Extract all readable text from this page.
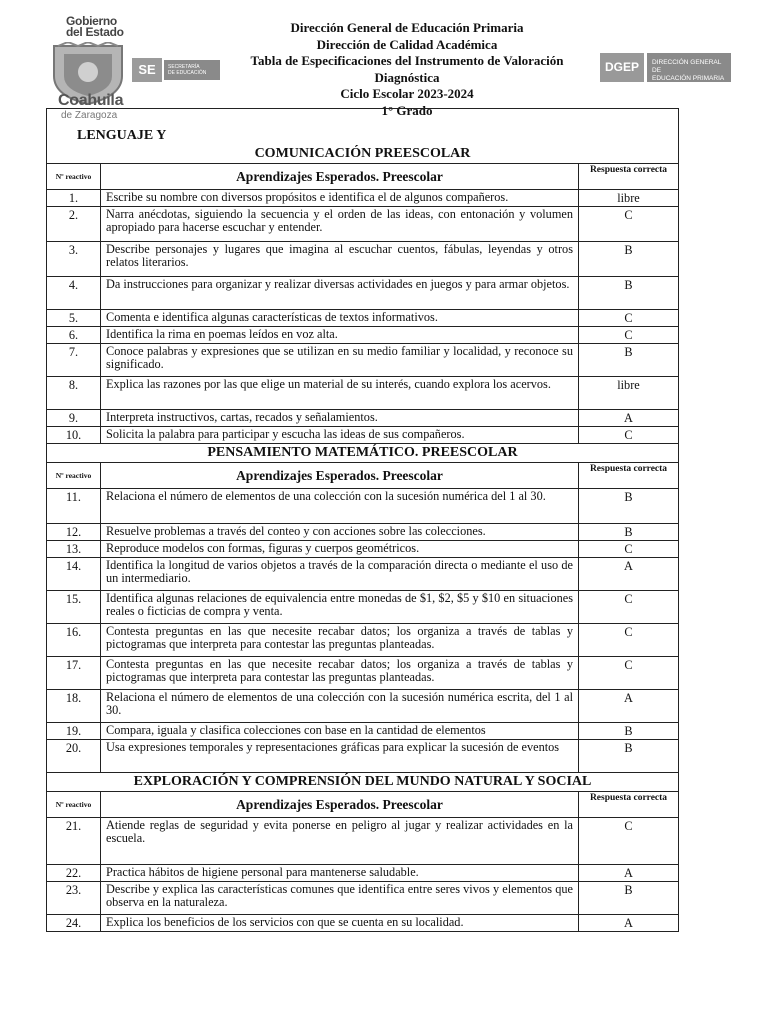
Gobierno
del Estado
SE	SECRETARÍA
DE EDUCACIÓN
Coahuila
de Zaragoza
Dirección General de Educación Primaria
Dirección de Calidad Académica
Tabla de Especificaciones del Instrumento de Valoración
Diagnóstica
Ciclo Escolar 2023-2024
1° Grado
DGEP	DIRECCIÓN GENERAL DE
EDUCACIÓN PRIMARIA
LENGUAJE Y
COMUNICACIÓN PREESCOLAR		

Nº reactivo	Aprendizajes Esperados. Preescolar	Respuesta correcta
1.	Escribe su nombre con diversos propósitos e identifica el de algunos compañeros.	libre
2.	Narra anécdotas, siguiendo la secuencia y el orden de las ideas, con entonación y volumen apropiado para hacerse escuchar y entender.	C
3.	Describe personajes y lugares que imagina al escuchar cuentos, fábulas, leyendas y otros relatos literarios.	B
4.	Da instrucciones para organizar y realizar diversas actividades en juegos y para armar objetos.	B
5.	Comenta e identifica algunas características de textos informativos.	C
6.	Identifica la rima en poemas leídos en voz alta.	C
7.	Conoce palabras y expresiones que se utilizan en su medio familiar y localidad, y reconoce su significado.	B
8.	Explica las razones por las que elige un material de su interés, cuando explora los acervos.	libre
9.	Interpreta instructivos, cartas, recados y señalamientos.	A
10.	Solicita la palabra para participar y escucha las ideas de sus compañeros.	C
PENSAMIENTO MATEMÁTICO. PREESCOLAR		
Nº reactivo	Aprendizajes Esperados. Preescolar	Respuesta correcta
11.	Relaciona el número de elementos de una colección con la sucesión numérica del 1 al 30.	B
12.	Resuelve problemas a través del conteo y con acciones sobre las colecciones.	B
13.	Reproduce modelos con formas, figuras y cuerpos geométricos.	C
14.	Identifica la longitud de varios objetos a través de la comparación directa o mediante el uso de un intermediario.	A
15.	Identifica algunas relaciones de equivalencia entre monedas de $1, $2, $5 y $10 en situaciones reales o ficticias de compra y venta.	C
16.	Contesta preguntas en las que necesite recabar datos; los organiza a través de tablas y pictogramas que interpreta para contestar las preguntas planteadas.	C
17.	Contesta preguntas en las que necesite recabar datos; los organiza a través de tablas y pictogramas que interpreta para contestar las preguntas planteadas.	C
18.	Relaciona el número de elementos de una colección con la sucesión numérica escrita, del 1 al 30.	A
19.	Compara, iguala y clasifica colecciones con base en la cantidad de elementos	B
20.	Usa expresiones temporales y representaciones gráficas para explicar la sucesión de eventos	B
EXPLORACIÓN Y COMPRENSIÓN DEL MUNDO NATURAL Y SOCIAL		
Nº reactivo	Aprendizajes Esperados. Preescolar	Respuesta correcta
21.	Atiende reglas de seguridad y evita ponerse en peligro al jugar y realizar actividades en la escuela.	C
22.	Practica hábitos de higiene personal para mantenerse saludable.	A
23.	Describe y explica las características comunes que identifica entre seres vivos y elementos que observa en la naturaleza.	B
24.	Explica los beneficios de los servicios con que se cuenta en su localidad.	A
